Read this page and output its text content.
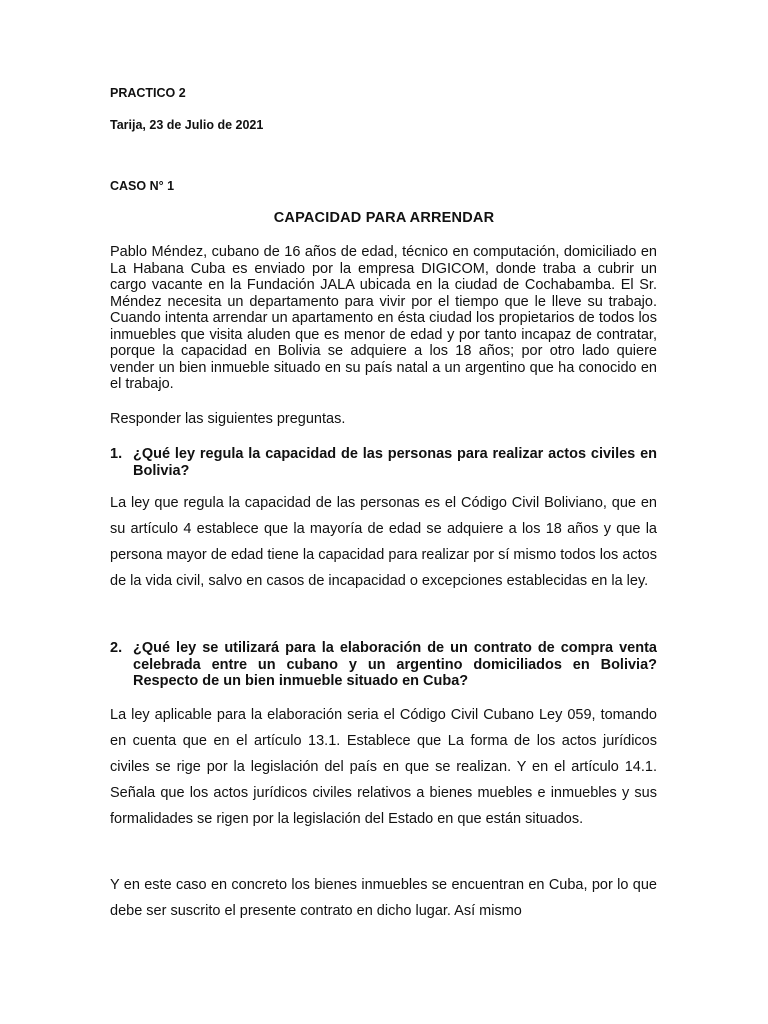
PRACTICO 2
Tarija, 23 de Julio de 2021
CASO N° 1
CAPACIDAD PARA ARRENDAR
Pablo Méndez, cubano de 16 años de edad, técnico en computación, domiciliado en La Habana Cuba es enviado por la empresa DIGICOM, donde traba a cubrir un cargo vacante en la Fundación JALA ubicada en la ciudad de Cochabamba. El Sr. Méndez necesita un departamento para vivir por el tiempo que le lleve su trabajo. Cuando intenta arrendar un apartamento en ésta ciudad los propietarios de todos los inmuebles que visita aluden que es menor de edad y por tanto incapaz de contratar, porque la capacidad en Bolivia se adquiere a los 18 años; por otro lado quiere vender un bien inmueble situado en su país natal a un argentino que ha conocido en el trabajo.
Responder las siguientes preguntas.
1. ¿Qué ley regula la capacidad de las personas para realizar actos civiles en Bolivia?
La ley que regula la capacidad de las personas es el Código Civil Boliviano, que en su artículo 4 establece que la mayoría de edad se adquiere a los 18 años y que la persona mayor de edad tiene la capacidad para realizar por sí mismo todos los actos de la vida civil, salvo en casos de incapacidad o excepciones establecidas en la ley.
2. ¿Qué ley se utilizará para la elaboración de un contrato de compra venta celebrada entre un cubano y un argentino domiciliados en Bolivia? Respecto de un bien inmueble situado en Cuba?
La ley aplicable para la elaboración seria el Código Civil Cubano Ley 059, tomando en cuenta que en el artículo 13.1. Establece que La forma de los actos jurídicos civiles se rige por la legislación del país en que se realizan. Y en el artículo 14.1. Señala que los actos jurídicos civiles relativos a bienes muebles e inmuebles y sus formalidades se rigen por la legislación del Estado en que están situados.
Y en este caso en concreto los bienes inmuebles se encuentran en Cuba, por lo que debe ser suscrito el presente contrato en dicho lugar. Así mismo
